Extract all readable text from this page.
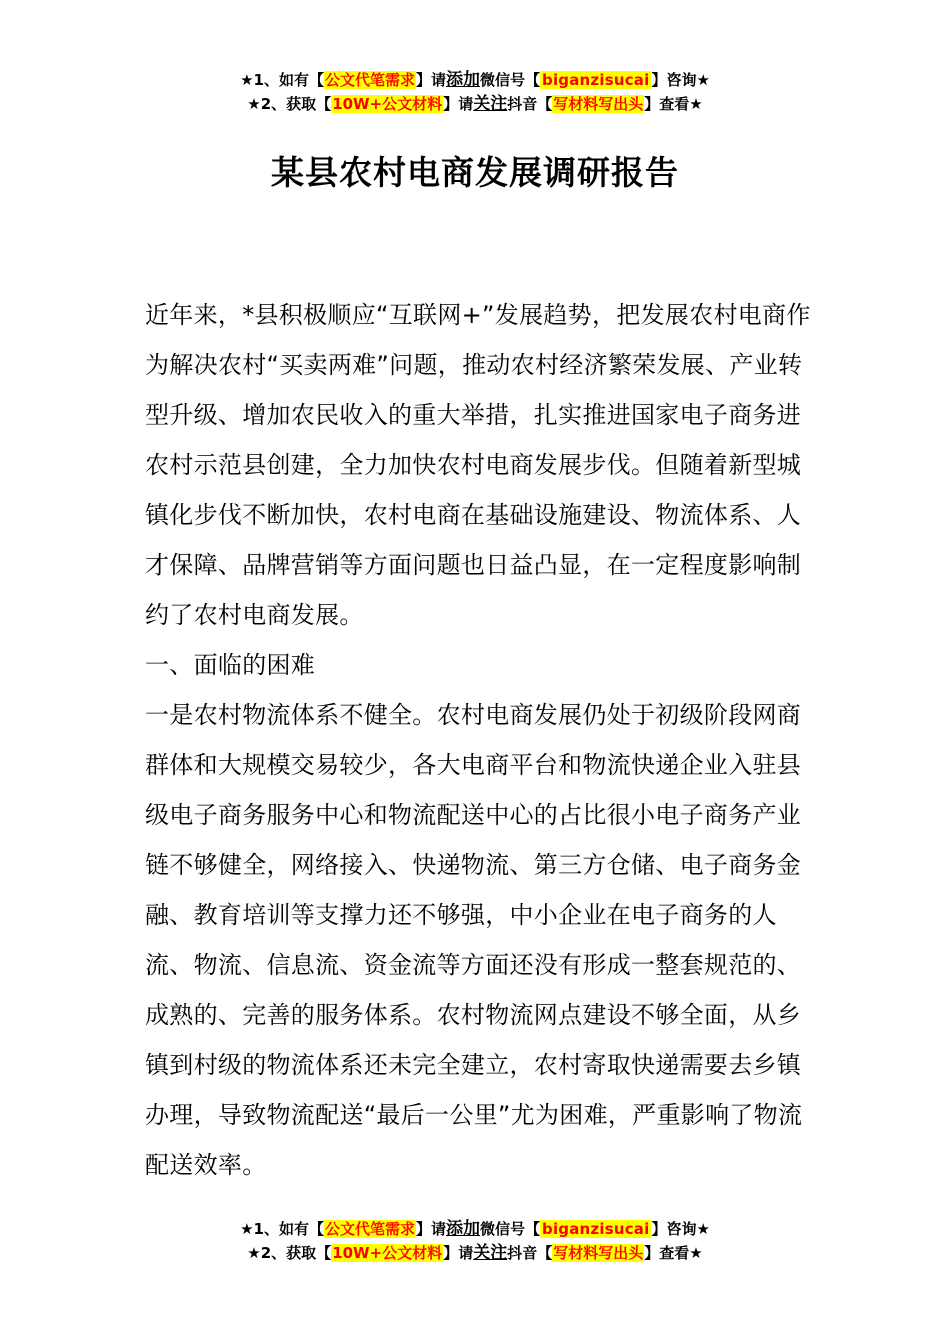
★1、如有【公文代笔需求】请添加微信号【 biganzisucai 】咨询★
★2、获取【10W+公文材料】请关注抖音【写材料写出头】查看★
某县农村电商发展调研报告

近年来，*县积极顺应“互联网+”发展趋势，把发展农村电商作为解决农村“买卖两难”问题，推动农村经济繁荣发展、产业转型升级、增加农民收入的重大举措，扎实推进国家电子商务进农村示范县创建，全力加快农村电商发展步伐。但随着新型城镇化步伐不断加快，农村电商在基础设施建设、物流体系、人才保障、品牌营销等方面问题也日益凸显，在一定程度影响制约了农村电商发展。

一、面临的困难

一是农村物流体系不健全。农村电商发展仍处于初级阶段网商群体和大规模交易较少，各大电商平台和物流快递企业入驻县级电子商务服务中心和物流配送中心的占比很小电子商务产业链不够健全，网络接入、快递物流、第三方仓储、电子商务金融、教育培训等支撑力还不够强，中小企业在电子商务的人流、物流、信息流、资金流等方面还没有形成一整套规范的、成熟的、完善的服务体系。农村物流网点建设不够全面，从乡镇到村级的物流体系还未完全建立，农村寄取快递需要去乡镇办理，导致物流配送“最后一公里”尤为困难，严重影响了物流配送效率。

★1、如有【公文代笔需求】请添加微信号【 biganzisucai 】咨询★
★2、获取【10W+公文材料】请关注抖音【写材料写出头】查看★
